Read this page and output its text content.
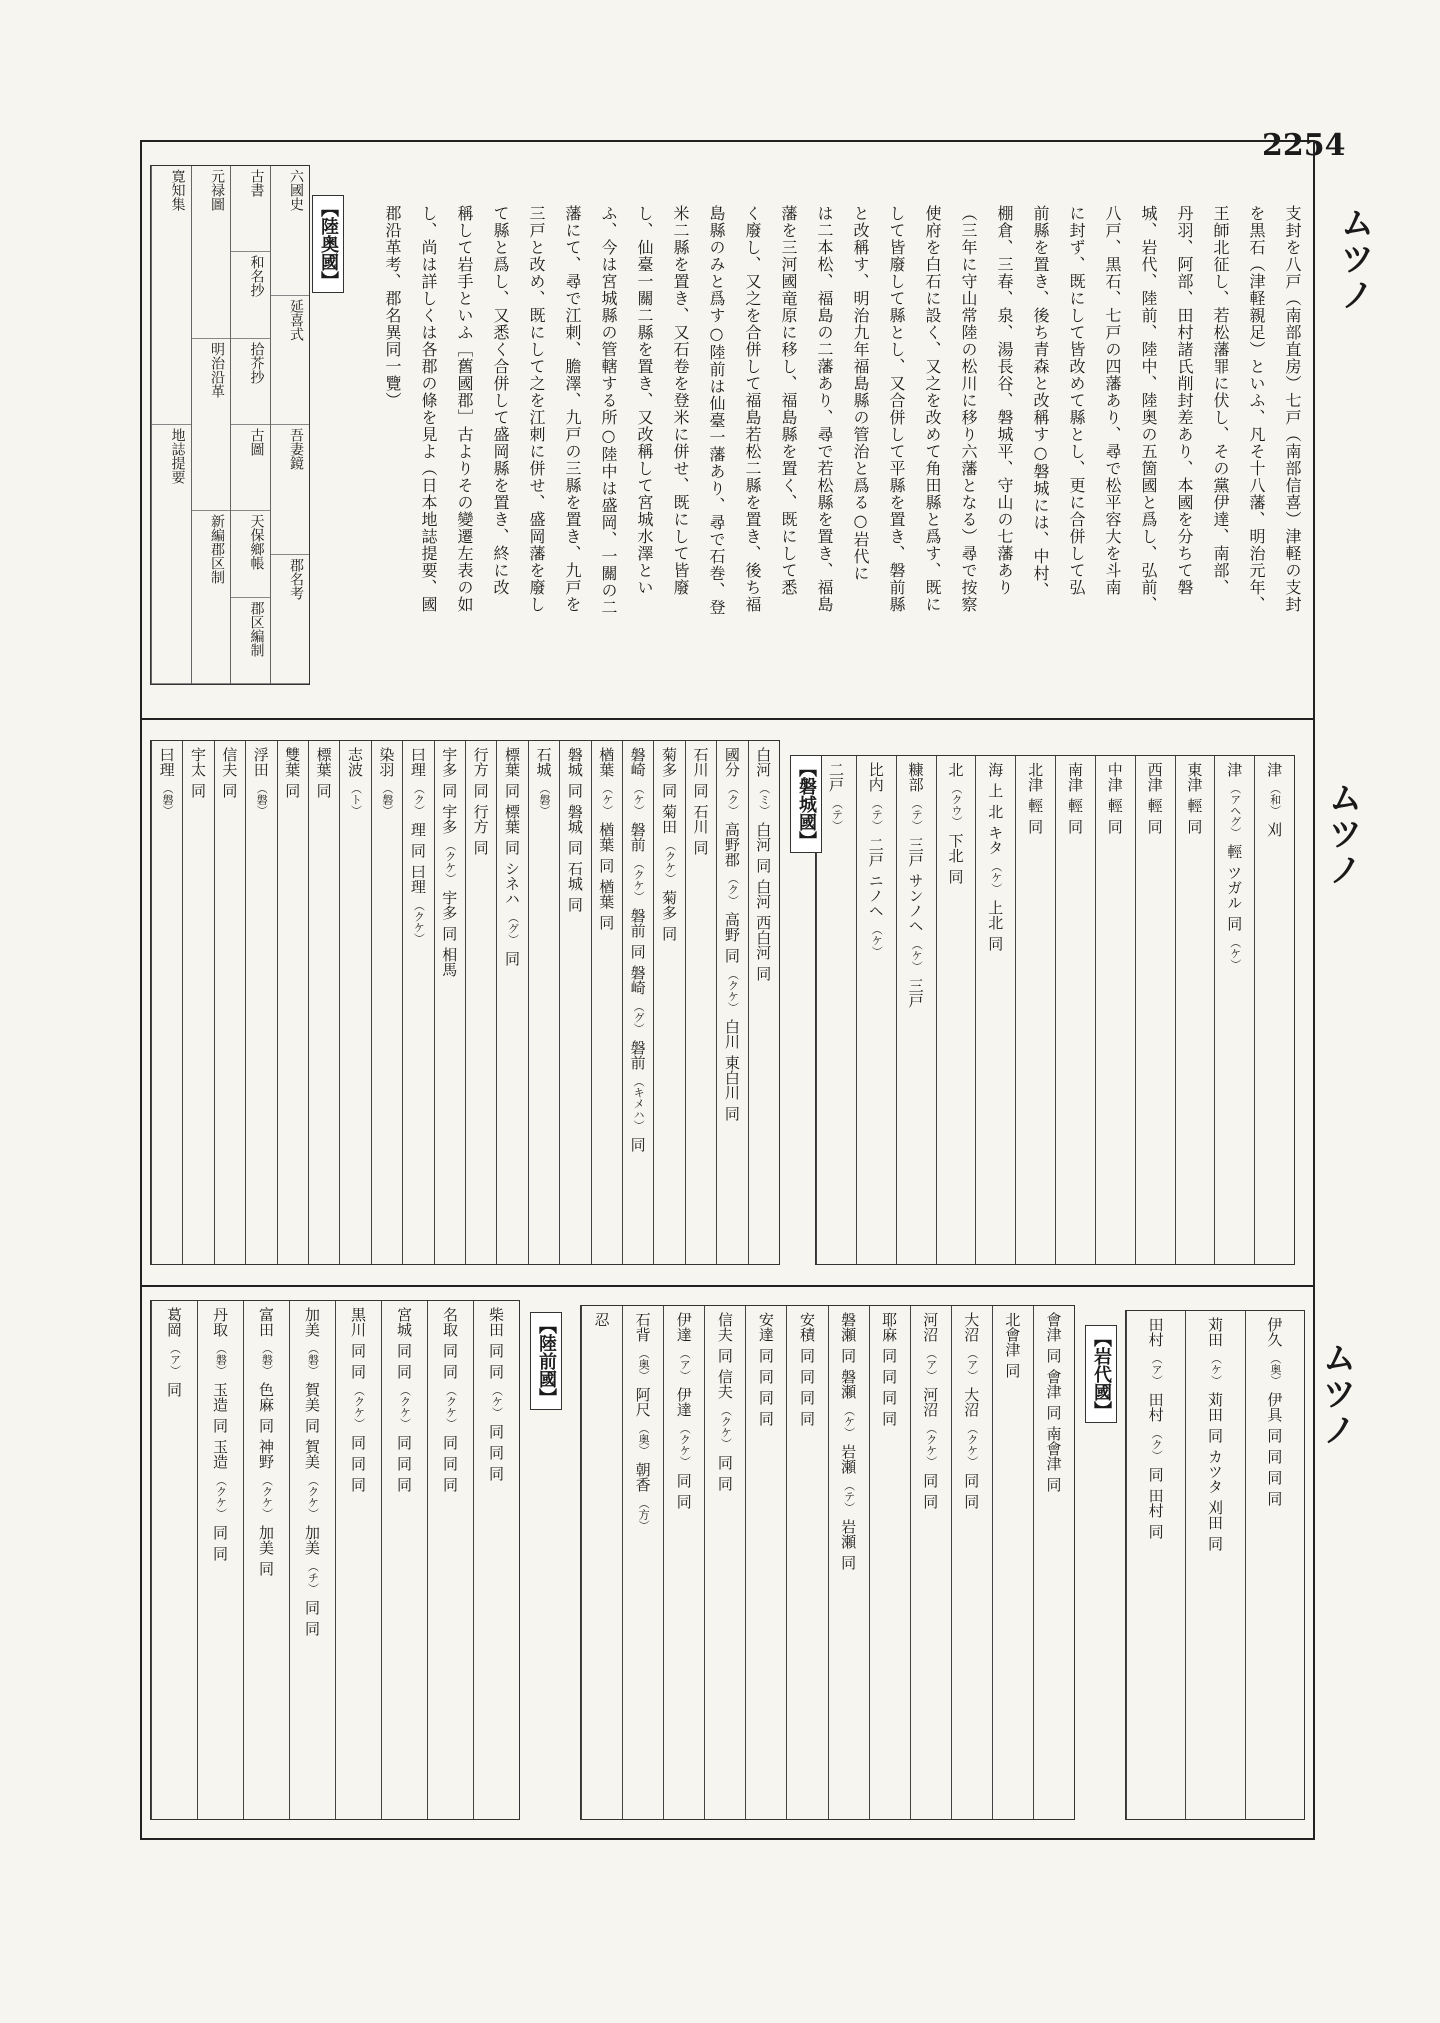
2254
ムツノ
ムツノ
ムツノ
支封を八戸（南部直房）七戸（南部信喜）津軽の支封
を黒石（津軽親足）といふ、凡そ十八藩、明治元年、
王師北征し、若松藩罪に伏し、その黨伊達、南部、
丹羽、阿部、田村諸氏削封差あり、本國を分ちて磐
城、岩代、陸前、陸中、陸奥の五箇國と爲し、弘前、
八戸、黒石、七戸の四藩あり、尋で松平容大を斗南
に封ず、既にして皆改めて縣とし、更に合併して弘
前縣を置き、後ち青森と改稱す○磐城には、中村、
棚倉、三春、泉、湯長谷、磐城平、守山の七藩あり
（三年に守山常陸の松川に移り六藩となる）尋で按察
使府を白石に設く、又之を改めて角田縣と爲す、既に
して皆廢して縣とし、又合併して平縣を置き、磐前縣
と改稱す、明治九年福島縣の管治と爲る○岩代に
は二本松、福島の二藩あり、尋で若松縣を置き、福島
藩を三河國竜原に移し、福島縣を置く、既にして悉
く廢し、又之を合併して福島若松二縣を置き、後ち福
島縣のみと爲す○陸前は仙臺一藩あり、尋で石巻、登
米二縣を置き、又石卷を登米に併せ、既にして皆廢
し、仙臺一關二縣を置き、又改稱して宮城水澤とい
ふ、今は宮城縣の管轄する所○陸中は盛岡、一關の二
藩にて、尋で江刺、膽澤、九戸の三縣を置き、九戸を
三戸と改め、既にして之を江刺に併せ、盛岡藩を廢し
て縣と爲し、又悉く合併して盛岡縣を置き、終に改
稱して岩手といふ［舊國郡］古よりその變遷左表の如
し、尚は詳しくは各郡の條を見よ（日本地誌提要、國
郡沿革考、郡名異同一覽）
六國史
延喜式
吾妻鏡
郡名考
古書
和名抄
拾芥抄
古圖
天保鄉帳
郡区編制
元禄圖
明治沿革
新編郡区制
寛知集
地誌提要
【陸奥國】
津
（和）
刈
津
（アヘグ）
輕
ツガル
同
（ケ）
東津
輕
同
西津
輕
同
中津
輕
同
南津
輕
同
北津
輕
同
海
上
北
キタ
（ケ）
上北
同
北
（クウ）
下北
同
糠部
（テ）
三戸
サンノヘ
（ケ）
三戸
比内
（テ）
二戸
ニノヘ
（ケ）
二戸
（テ）
【磐城國】
白河
（ミ）
白河
同
白河
西白河
同
國分
（ク）
高野郡
（ク）
高野
同
（クケ）
白川
東白川
同
石川
同
石川
同
菊多
同
菊田
（クケ）
菊多
同
磐崎
（ケ）
磐前
（クケ）
磐前
同
磐崎
（グ）
磐前
（キメハ）
同
楢葉
（ケ）
楢葉
同
楢葉
同
磐城
同
磐城
同
石城
同
石城
（磐）
標葉
同
標葉
同
シネハ
（グ）
同
行方
同
行方
同
宇多
同
宇多
（クケ）
宇多
同
相馬
曰理
（ク）
理
同
曰理
（クケ）
染羽
（磐）
志波
（ト）
標葉
同
雙葉
同
浮田
（磐）
信夫
同
宇太
同
曰理
（磐）
【陸前國】
柴田
同
同
（ケ）
同
同
同
名取
同
同
（クケ）
同
同
同
宮城
同
同
（クケ）
同
同
同
黒川
同
同
（クケ）
同
同
同
加美
（磐）
賀美
同
賀美
（クケ）
加美
（チ）
同
同
富田
（磐）
色麻
同
神野
（クケ）
加美
同
丹取
（磐）
玉造
同
玉造
（クケ）
同
同
葛岡
（ア）
同	【岩代國】
會津
同
會津
同
南會津
同
北會津
同
大沼
（ア）
大沼
（クケ）
同
同
河沼
（ア）
河沼
（クケ）
同
同
耶麻
同
同
同
同
磐瀬
同
磐瀬
（ケ）
岩瀬
（テ）
岩瀬
同
安積
同
同
同
同
安達
同
同
同
同
信夫
同
信夫
（クケ）
同
同
伊達
（ア）
伊達
（クケ）
同
同
石背
（奥）
阿尺
（奥）
朝香
（方）
忍	伊久
（奥）
伊具
同
同
同
同
苅田
（ケ）
苅田
同
カツタ
刈田
同
田村
（ア）
田村
（ク）
同
田村
同
